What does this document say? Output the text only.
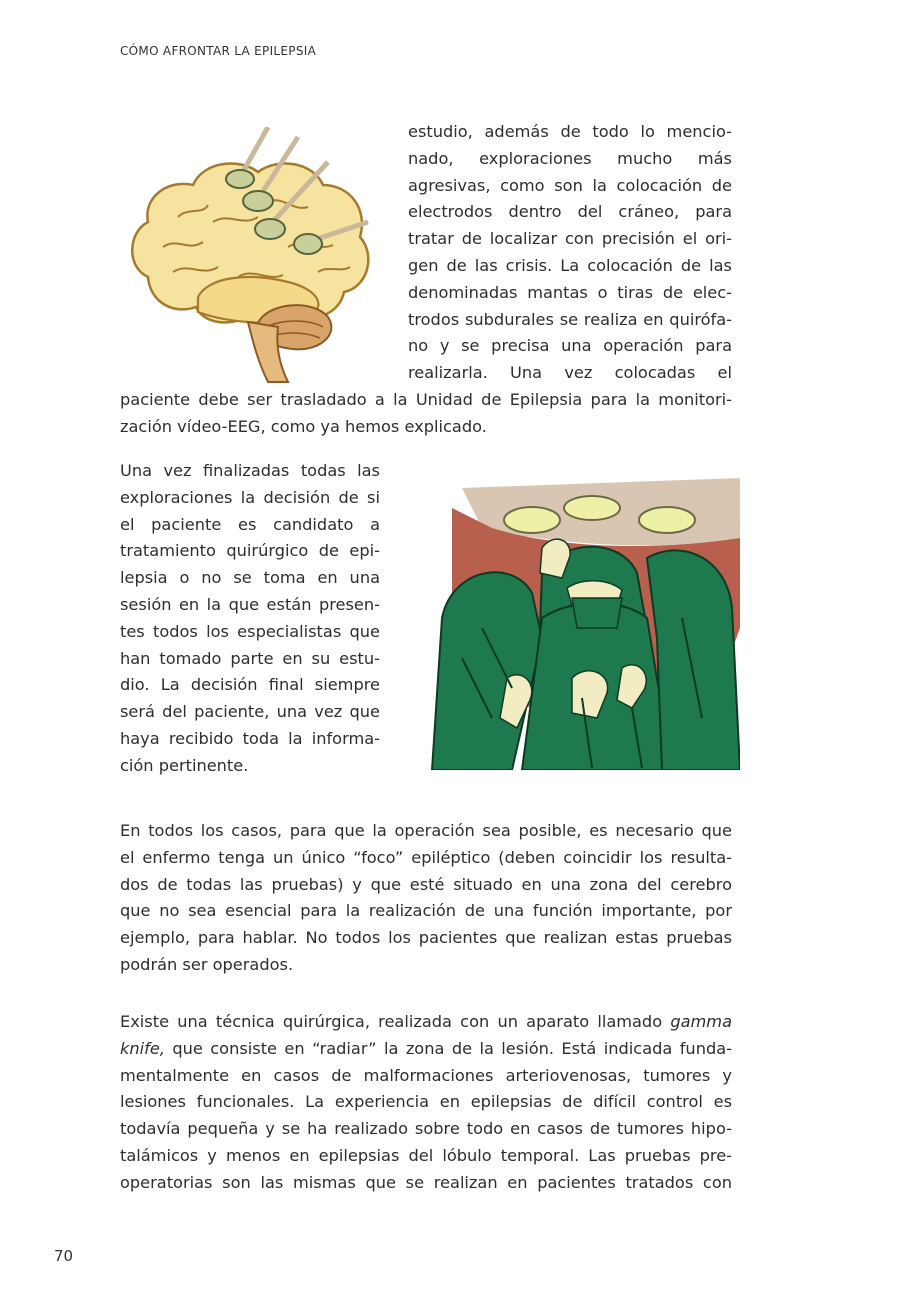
CÓMO AFRONTAR LA EPILEPSIA
estudio, además de todo lo mencio-
nado, exploraciones mucho más
agresivas, como son la colocación de
electrodos dentro del cráneo, para
tratar de localizar con precisión el ori-
gen de las crisis. La colocación de las
denominadas mantas o tiras de elec-
trodos subdurales se realiza en quirófa-
no y se precisa una operación para
realizarla. Una vez colocadas el
paciente debe ser trasladado a la Unidad de Epilepsia para la monitori-
zación vídeo-EEG, como ya hemos explicado.
Una vez finalizadas todas las
exploraciones la decisión de si
el paciente es candidato a
tratamiento quirúrgico de epi-
lepsia o no se toma en una
sesión en la que están presen-
tes todos los especialistas que
han tomado parte en su estu-
dio. La decisión final siempre
será del paciente, una vez que
haya recibido toda la informa-
ción pertinente.
En todos los casos, para que la operación sea posible, es necesario que
el enfermo tenga un único “foco” epiléptico (deben coincidir los resulta-
dos de todas las pruebas) y que esté situado en una zona del cerebro
que no sea esencial para la realización de una función importante, por
ejemplo, para hablar. No todos los pacientes que realizan estas pruebas
podrán ser operados.
Existe una técnica quirúrgica, realizada con un aparato llamado gamma
knife, que consiste en “radiar” la zona de la lesión. Está indicada funda-
mentalmente en casos de malformaciones arteriovenosas, tumores y
lesiones funcionales. La experiencia en epilepsias de difícil control es
todavía pequeña y se ha realizado sobre todo en casos de tumores hipo-
talámicos y menos en epilepsias del lóbulo temporal. Las pruebas pre-
operatorias son las mismas que se realizan en pacientes tratados con
70
